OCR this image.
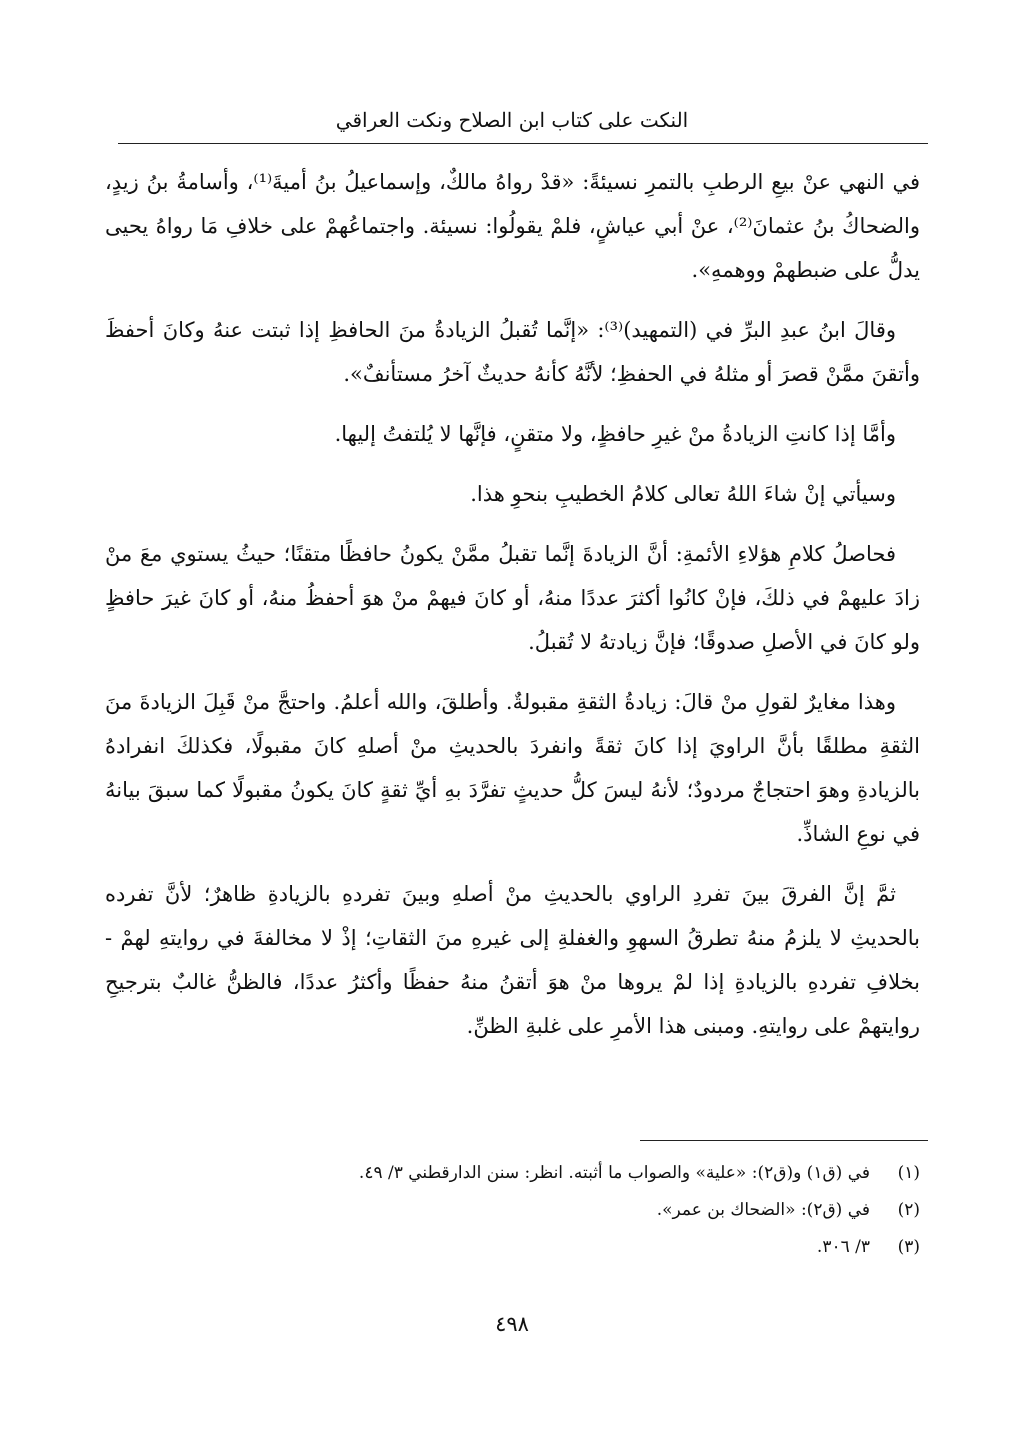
النكت على كتاب ابن الصلاح ونكت العراقي

في النهي عنْ بيعِ الرطبِ بالتمرِ نسيئةً: «قدْ رواهُ مالكٌ، وإسماعيلُ بنُ أميةَ⁽¹⁾، وأسامةُ بنُ زيدٍ، والضحاكُ بنُ عثمانَ⁽²⁾، عنْ أبي عياشٍ، فلمْ يقولُوا: نسيئة. واجتماعُهمْ على خلافِ مَا رواهُ يحيى يدلُّ على ضبطهمْ ووهمهِ».

وقالَ ابنُ عبدِ البرِّ في (التمهيد)⁽³⁾: «إنَّما تُقبلُ الزيادةُ منَ الحافظِ إذا ثبتت عنهُ وكانَ أحفظَ وأتقنَ ممَّنْ قصرَ أو مثلهُ في الحفظِ؛ لأنَّهُ كأنهُ حديثٌ آخرُ مستأنفٌ».

وأمَّا إذا كانتِ الزيادةُ منْ غيرِ حافظٍ، ولا متقنٍ، فإنَّها لا يُلتفتُ إليها.

وسيأتي إنْ شاءَ اللهُ تعالى كلامُ الخطيبِ بنحوِ هذا.

فحاصلُ كلامِ هؤلاءِ الأئمةِ: أنَّ الزيادةَ إنَّما تقبلُ ممَّنْ يكونُ حافظًا متقنًا؛ حيثُ يستوي معَ منْ زادَ عليهمْ في ذلكَ، فإنْ كانُوا أكثرَ عددًا منهُ، أو كانَ فيهمْ منْ هوَ أحفظُ منهُ، أو كانَ غيرَ حافظٍ ولو كانَ في الأصلِ صدوقًا؛ فإنَّ زيادتهُ لا تُقبلُ.

وهذا مغايرٌ لقولِ منْ قالَ: زيادةُ الثقةِ مقبولةٌ. وأطلقَ، والله أعلمُ. واحتجَّ منْ قَبِلَ الزيادةَ منَ الثقةِ مطلقًا بأنَّ الراويَ إذا كانَ ثقةً وانفردَ بالحديثِ منْ أصلهِ كانَ مقبولًا، فكذلكَ انفرادهُ بالزيادةِ وهوَ احتجاجٌ مردودٌ؛ لأنهُ ليسَ كلُّ حديثٍ تفرَّدَ بهِ أيِّ ثقةٍ كانَ يكونُ مقبولًا كما سبقَ بيانهُ في نوعِ الشاذِّ.

ثمَّ إنَّ الفرقَ بينَ تفردِ الراوي بالحديثِ منْ أصلهِ وبينَ تفردهِ بالزيادةِ ظاهرٌ؛ لأنَّ تفرده بالحديثِ لا يلزمُ منهُ تطرقُ السهوِ والغفلةِ إلى غيرهِ منَ الثقاتِ؛ إذْ لا مخالفةَ في روايتهِ لهمْ - بخلافِ تفردهِ بالزيادةِ إذا لمْ يروها منْ هوَ أتقنُ منهُ حفظًا وأكثرُ عددًا، فالظنُّ غالبٌ بترجيحِ روايتهمْ على روايتهِ. ومبنى هذا الأمرِ على غلبةِ الظنِّ.

(١)
في (ق١) و(ق٢): «علية» والصواب ما أثبته. انظر: سنن الدارقطني ٣/ ٤٩.
(٢)
في (ق٢): «الضحاك بن عمر».
(٣)
٣/ ٣٠٦.
٤٩٨
